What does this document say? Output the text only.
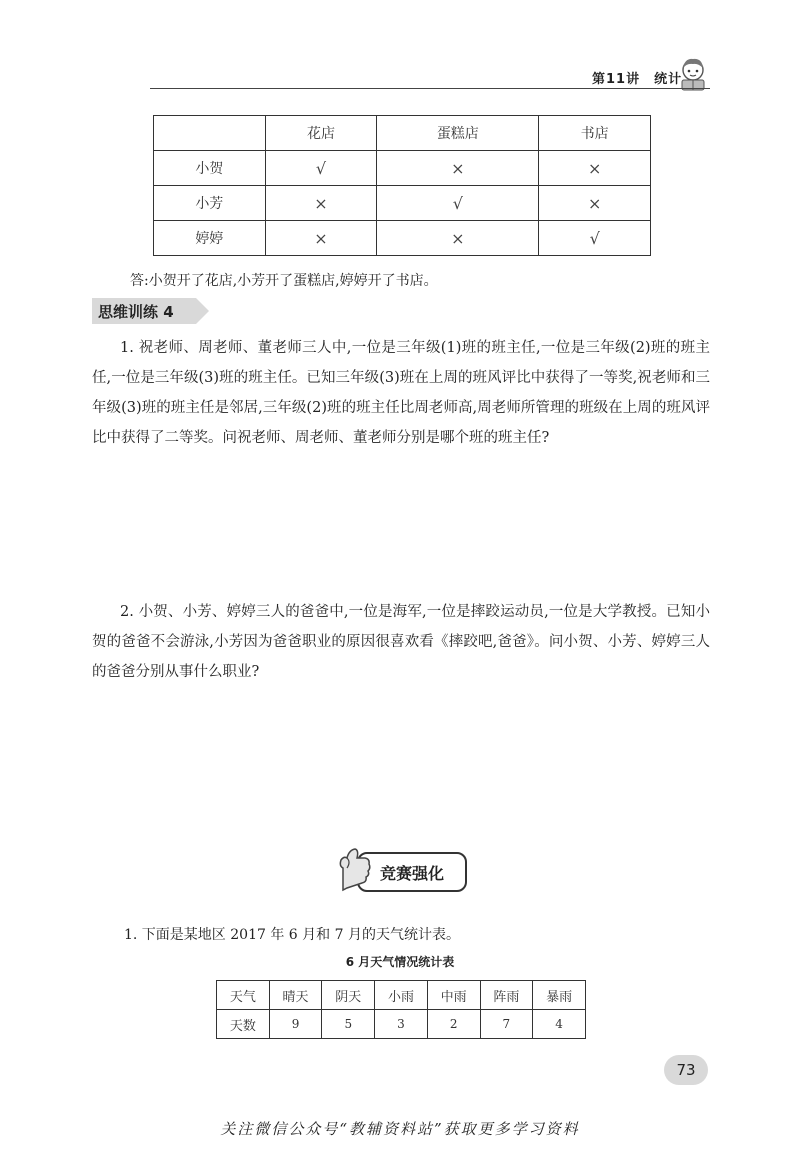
第11讲 统计
	花店	蛋糕店	书店
小贺	√	×	×
小芳	×	√	×
婷婷	×	×	√
答:小贺开了花店,小芳开了蛋糕店,婷婷开了书店。
思维训练 4
1. 祝老师、周老师、董老师三人中,一位是三年级(1)班的班主任,一位是三年级(2)班的班主任,一位是三年级(3)班的班主任。已知三年级(3)班在上周的班风评比中获得了一等奖,祝老师和三年级(3)班的班主任是邻居,三年级(2)班的班主任比周老师高,周老师所管理的班级在上周的班风评比中获得了二等奖。问祝老师、周老师、董老师分别是哪个班的班主任?
2. 小贺、小芳、婷婷三人的爸爸中,一位是海军,一位是摔跤运动员,一位是大学教授。已知小贺的爸爸不会游泳,小芳因为爸爸职业的原因很喜欢看《摔跤吧,爸爸》。问小贺、小芳、婷婷三人的爸爸分别从事什么职业?
竞赛强化
1. 下面是某地区 2017 年 6 月和 7 月的天气统计表。
6 月天气情况统计表
天气	晴天	阴天	小雨	中雨	阵雨	暴雨
天数	9	5	3	2	7	4
73
关注微信公众号“教辅资料站”获取更多学习资料
